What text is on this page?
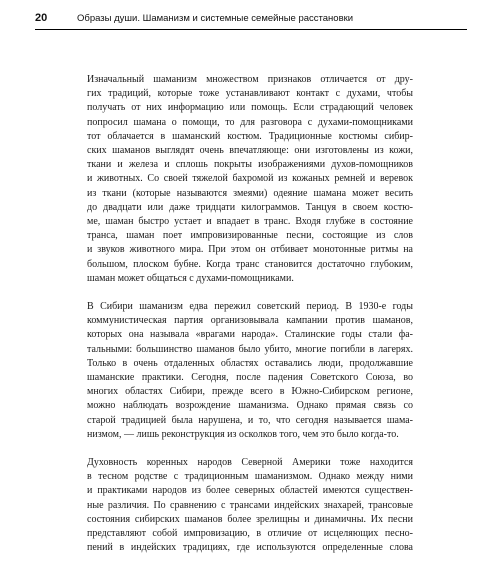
20	Образы души. Шаманизм и системные семейные расстановки

Изначальный шаманизм множеством признаков отличается от дру-
гих традиций, которые тоже устанавливают контакт с духами, чтобы
получать от них информацию или помощь. Если страдающий человек
попросил шамана о помощи, то для разговора с духами-помощниками
тот облачается в шаманский костюм. Традиционные костюмы сибир-
ских шаманов выглядят очень впечатляюще: они изготовлены из кожи,
ткани и железа и сплошь покрыты изображениями духов-помощников
и животных. Со своей тяжелой бахромой из кожаных ремней и веревок
из ткани (которые называются змеями) одеяние шамана может весить
до двадцати или даже тридцати килограммов. Танцуя в своем костю-
ме, шаман быстро устает и впадает в транс. Входя глубже в состояние
транса, шаман поет импровизированные песни, состоящие из слов
и звуков животного мира. При этом он отбивает монотонные ритмы на
большом, плоском бубне. Когда транс становится достаточно глубоким,
шаман может общаться с духами-помощниками.

В Сибири шаманизм едва пережил советский период. В 1930-е годы
коммунистическая партия организовывала кампании против шаманов,
которых она называла «врагами народа». Сталинские годы стали фа-
тальными: большинство шаманов было убито, многие погибли в лагерях.
Только в очень отдаленных областях оставались люди, продолжавшие
шаманские практики. Сегодня, после падения Советского Союза, во
многих областях Сибири, прежде всего в Южно-Сибирском регионе,
можно наблюдать возрождение шаманизма. Однако прямая связь со
старой традицией была нарушена, и то, что сегодня называется шама-
низмом, — лишь реконструкция из осколков того, чем это было когда-то.

Духовность коренных народов Северной Америки тоже находится
в тесном родстве с традиционным шаманизмом. Однако между ними
и практиками народов из более северных областей имеются существен-
ные различия. По сравнению с трансами индейских знахарей, трансовые
состояния сибирских шаманов более зрелищны и динамичны. Их песни
представляют собой импровизацию, в отличие от исцеляющих песно-
пений в индейских традициях, где используются определенные слова
